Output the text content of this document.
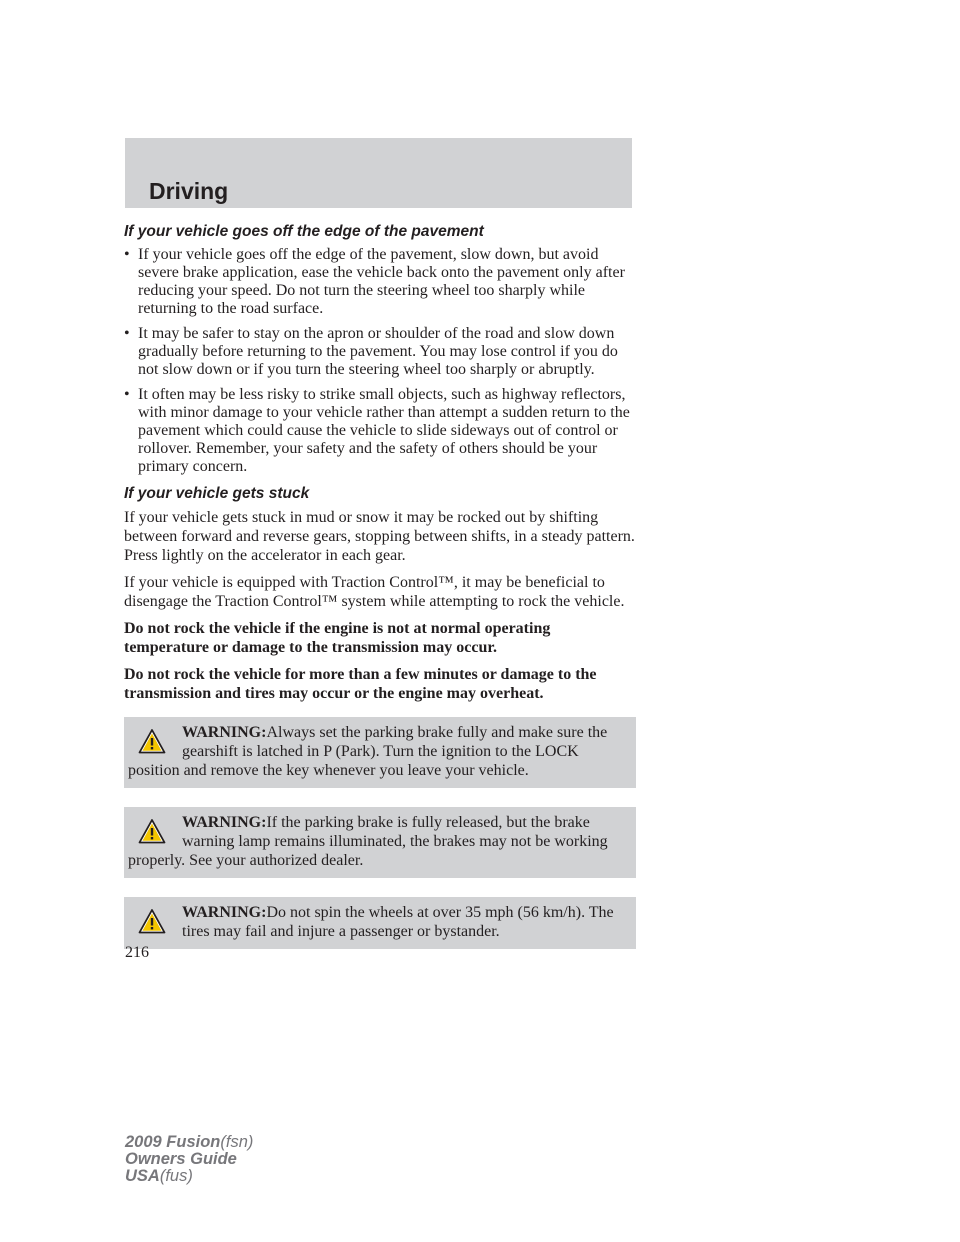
Driving
If your vehicle goes off the edge of the pavement
• If your vehicle goes off the edge of the pavement, slow down, but avoid severe brake application, ease the vehicle back onto the pavement only after reducing your speed. Do not turn the steering wheel too sharply while returning to the road surface.
• It may be safer to stay on the apron or shoulder of the road and slow down gradually before returning to the pavement. You may lose control if you do not slow down or if you turn the steering wheel too sharply or abruptly.
• It often may be less risky to strike small objects, such as highway reflectors, with minor damage to your vehicle rather than attempt a sudden return to the pavement which could cause the vehicle to slide sideways out of control or rollover. Remember, your safety and the safety of others should be your primary concern.
If your vehicle gets stuck

If your vehicle gets stuck in mud or snow it may be rocked out by shifting between forward and reverse gears, stopping between shifts, in a steady pattern. Press lightly on the accelerator in each gear.

If your vehicle is equipped with Traction Control™, it may be beneficial to disengage the Traction Control™ system while attempting to rock the vehicle.

Do not rock the vehicle if the engine is not at normal operating temperature or damage to the transmission may occur.

Do not rock the vehicle for more than a few minutes or damage to the transmission and tires may occur or the engine may overheat.

WARNING:Always set the parking brake fully and make sure the gearshift is latched in P (Park). Turn the ignition to the LOCK position and remove the key whenever you leave your vehicle.
WARNING:If the parking brake is fully released, but the brake warning lamp remains illuminated, the brakes may not be working properly. See your authorized dealer.
WARNING:Do not spin the wheels at over 35 mph (56 km/h). The tires may fail and injure a passenger or bystander.
216
2009 Fusion(fsn)
Owners Guide
USA(fus)
